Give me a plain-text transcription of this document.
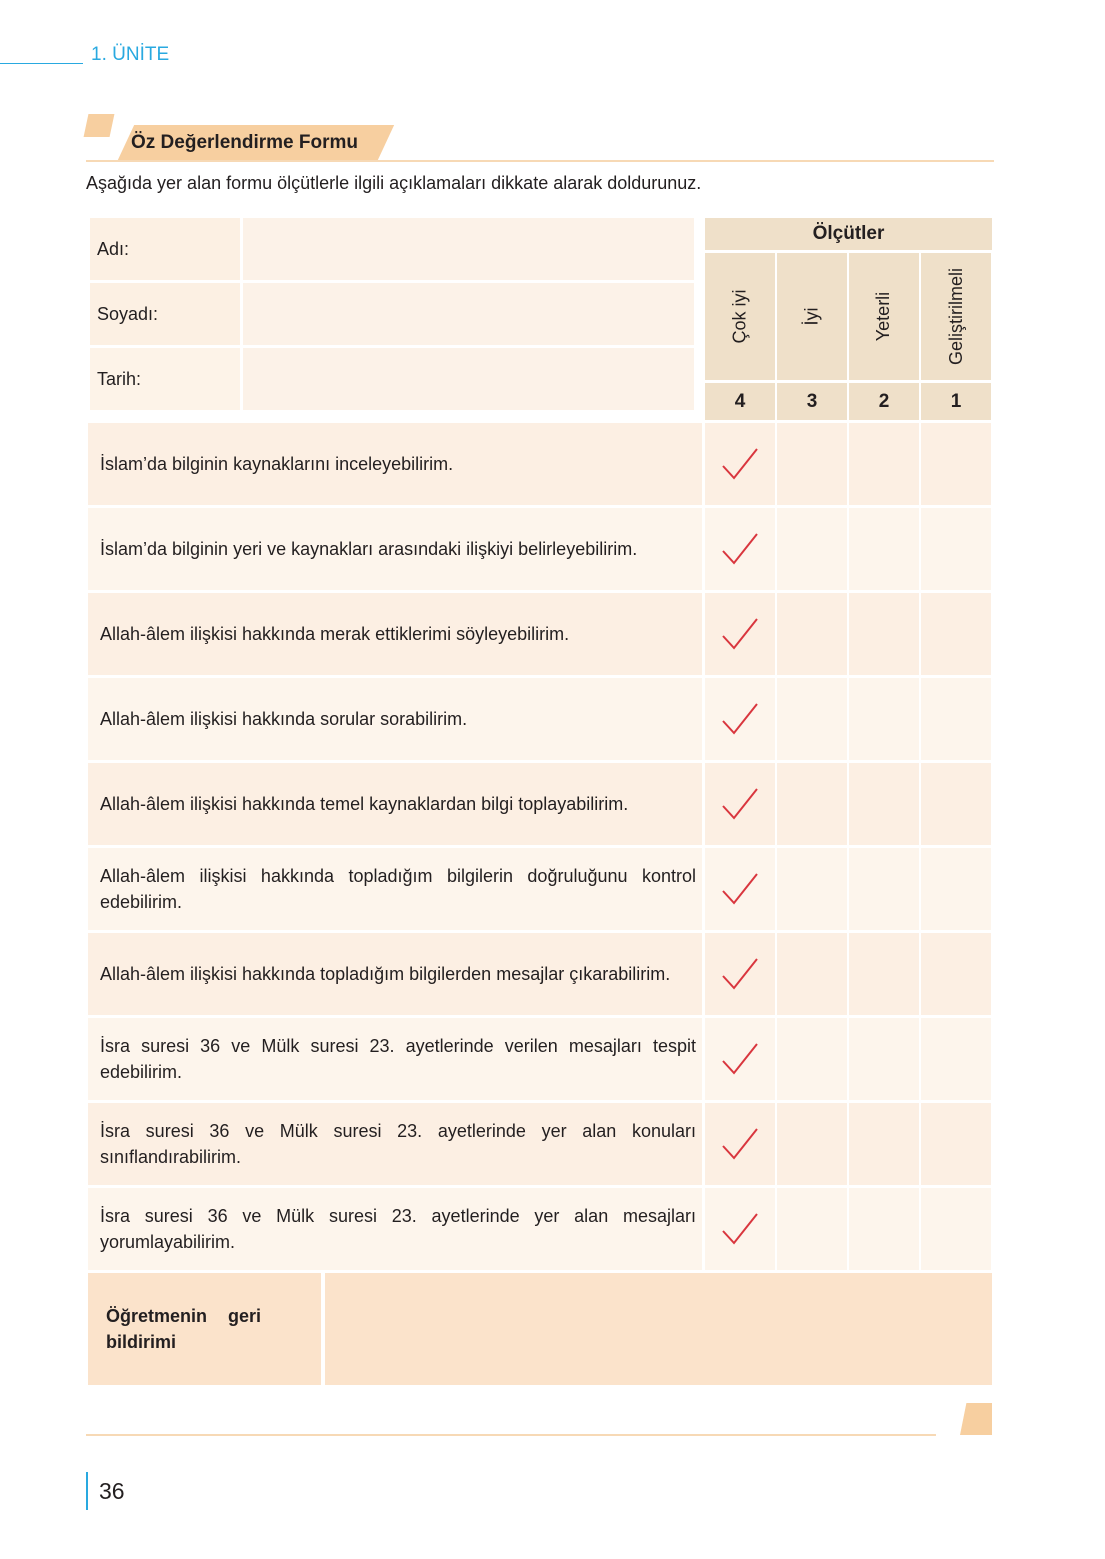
1. ÜNİTE
Öz Değerlendirme Formu
Aşağıda yer alan formu ölçütlerle ilgili açıklamaları dikkate alarak doldurunuz.
Adı:
Soyadı:
Tarih:
Ölçütler
Çok iyi
4
İyi
3
Yeterli
2
Geliştirilmeli
1
İslam’da bilginin kaynaklarını inceleyebilirim.
İslam’da bilginin yeri ve kaynakları arasındaki ilişkiyi belirleyebilirim.
Allah-âlem ilişkisi hakkında merak ettiklerimi söyleyebilirim.
Allah-âlem ilişkisi hakkında sorular sorabilirim.
Allah-âlem ilişkisi hakkında temel kaynaklardan bilgi toplayabilirim.
Allah-âlem ilişkisi hakkında topladığım bilgilerin doğruluğunu kontrol edebilirim.
Allah-âlem ilişkisi hakkında topladığım bilgilerden mesajlar çıkarabilirim.
İsra suresi 36 ve Mülk suresi 23. ayetlerinde verilen mesajları tespit edebilirim.
İsra suresi 36 ve Mülk suresi 23. ayetlerinde yer alan konuları sınıflandırabilirim.
İsra suresi 36 ve Mülk suresi 23. ayetlerinde yer alan mesajları yorumlayabilirim.
Öğretmenin geri bildirimi
36
